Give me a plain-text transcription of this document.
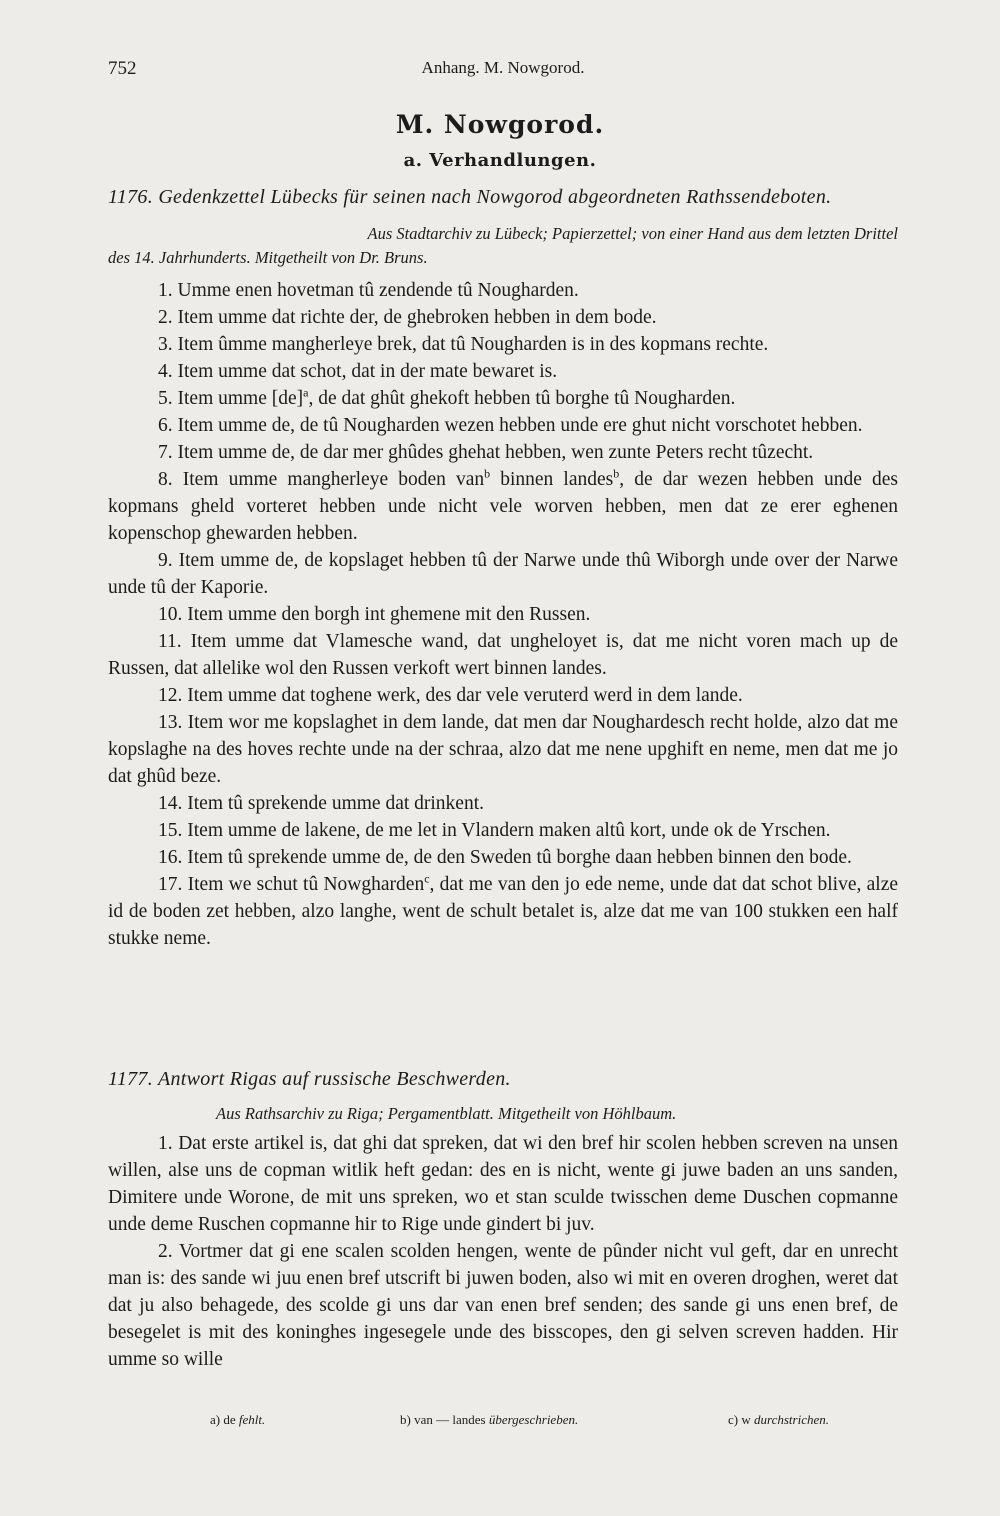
752	Anhang. M. Nowgorod.
M. Nowgorod.
a. Verhandlungen.
1176. Gedenkzettel Lübecks für seinen nach Nowgorod abgeordneten Rathssendeboten.
Aus Stadtarchiv zu Lübeck; Papierzettel; von einer Hand aus dem letzten Drittel
des 14. Jahrhunderts. Mitgetheilt von Dr. Bruns.
1. Umme enen hovetman tû zendende tû Nougharden.
2. Item umme dat richte der, de ghebroken hebben in dem bode.
3. Item ûmme mangherleye brek, dat tû Nougharden is in des kopmans rechte.
4. Item umme dat schot, dat in der mate bewaret is.
5. Item umme [de]$^a$, de dat ghût ghekoft hebben tû borghe tû Nougharden.
6. Item umme de, de tû Nougharden wezen hebben unde ere ghut nicht vorschotet hebben.
7. Item umme de, de dar mer ghûdes ghehat hebben, wen zunte Peters recht tûzecht.
8. Item umme mangherleye boden van$^b$ binnen landes$^b$, de dar wezen hebben unde des kopmans gheld vorteret hebben unde nicht vele worven hebben, men dat ze erer eghenen kopenschop ghewarden hebben.
9. Item umme de, de kopslaget hebben tû der Narwe unde thû Wiborgh unde over der Narwe unde tû der Kaporie.
10. Item umme den borgh int ghemene mit den Russen.
11. Item umme dat Vlamesche wand, dat ungheloyet is, dat me nicht voren mach up de Russen, dat allelike wol den Russen verkoft wert binnen landes.
12. Item umme dat toghene werk, des dar vele veruterd werd in dem lande.
13. Item wor me kopslaghet in dem lande, dat men dar Noughardesch recht holde, alzo dat me kopslaghe na des hoves rechte unde na der schraa, alzo dat me nene upghift en neme, men dat me jo dat ghûd beze.
14. Item tû sprekende umme dat drinkent.
15. Item umme de lakene, de me let in Vlandern maken altû kort, unde ok de Yrschen.
16. Item tû sprekende umme de, de den Sweden tû borghe daan hebben binnen den bode.
17. Item we schut tû Nowgharden$^c$, dat me van den jo ede neme, unde dat dat schot blive, alze id de boden zet hebben, alzo langhe, went de schult betalet is, alze dat me van 100 stukken een half stukke neme.
1177. Antwort Rigas auf russische Beschwerden.
Aus Rathsarchiv zu Riga; Pergamentblatt. Mitgetheilt von Höhlbaum.
1. Dat erste artikel is, dat ghi dat spreken, dat wi den bref hir scolen hebben screven na unsen willen, alse uns de copman witlik heft gedan: des en is nicht, wente gi juwe baden an uns sanden, Dimitere unde Worone, de mit uns spreken, wo et stan sculde twisschen deme Duschen copmanne unde deme Ruschen copmanne hir to Rige unde gindert bi juv.
2. Vortmer dat gi ene scalen scolden hengen, wente de pûnder nicht vul geft, dar en unrecht man is: des sande wi juu enen bref utscrift bi juwen boden, also wi mit en overen droghen, weret dat dat ju also behagede, des scolde gi uns dar van enen bref senden; des sande gi uns enen bref, de besegelet is mit des koninghes ingesegele unde des bisscopes, den gi selven screven hadden. Hir umme so wille
a) de fehlt.	b) van — landes übergeschrieben.	c) w durchstrichen.
